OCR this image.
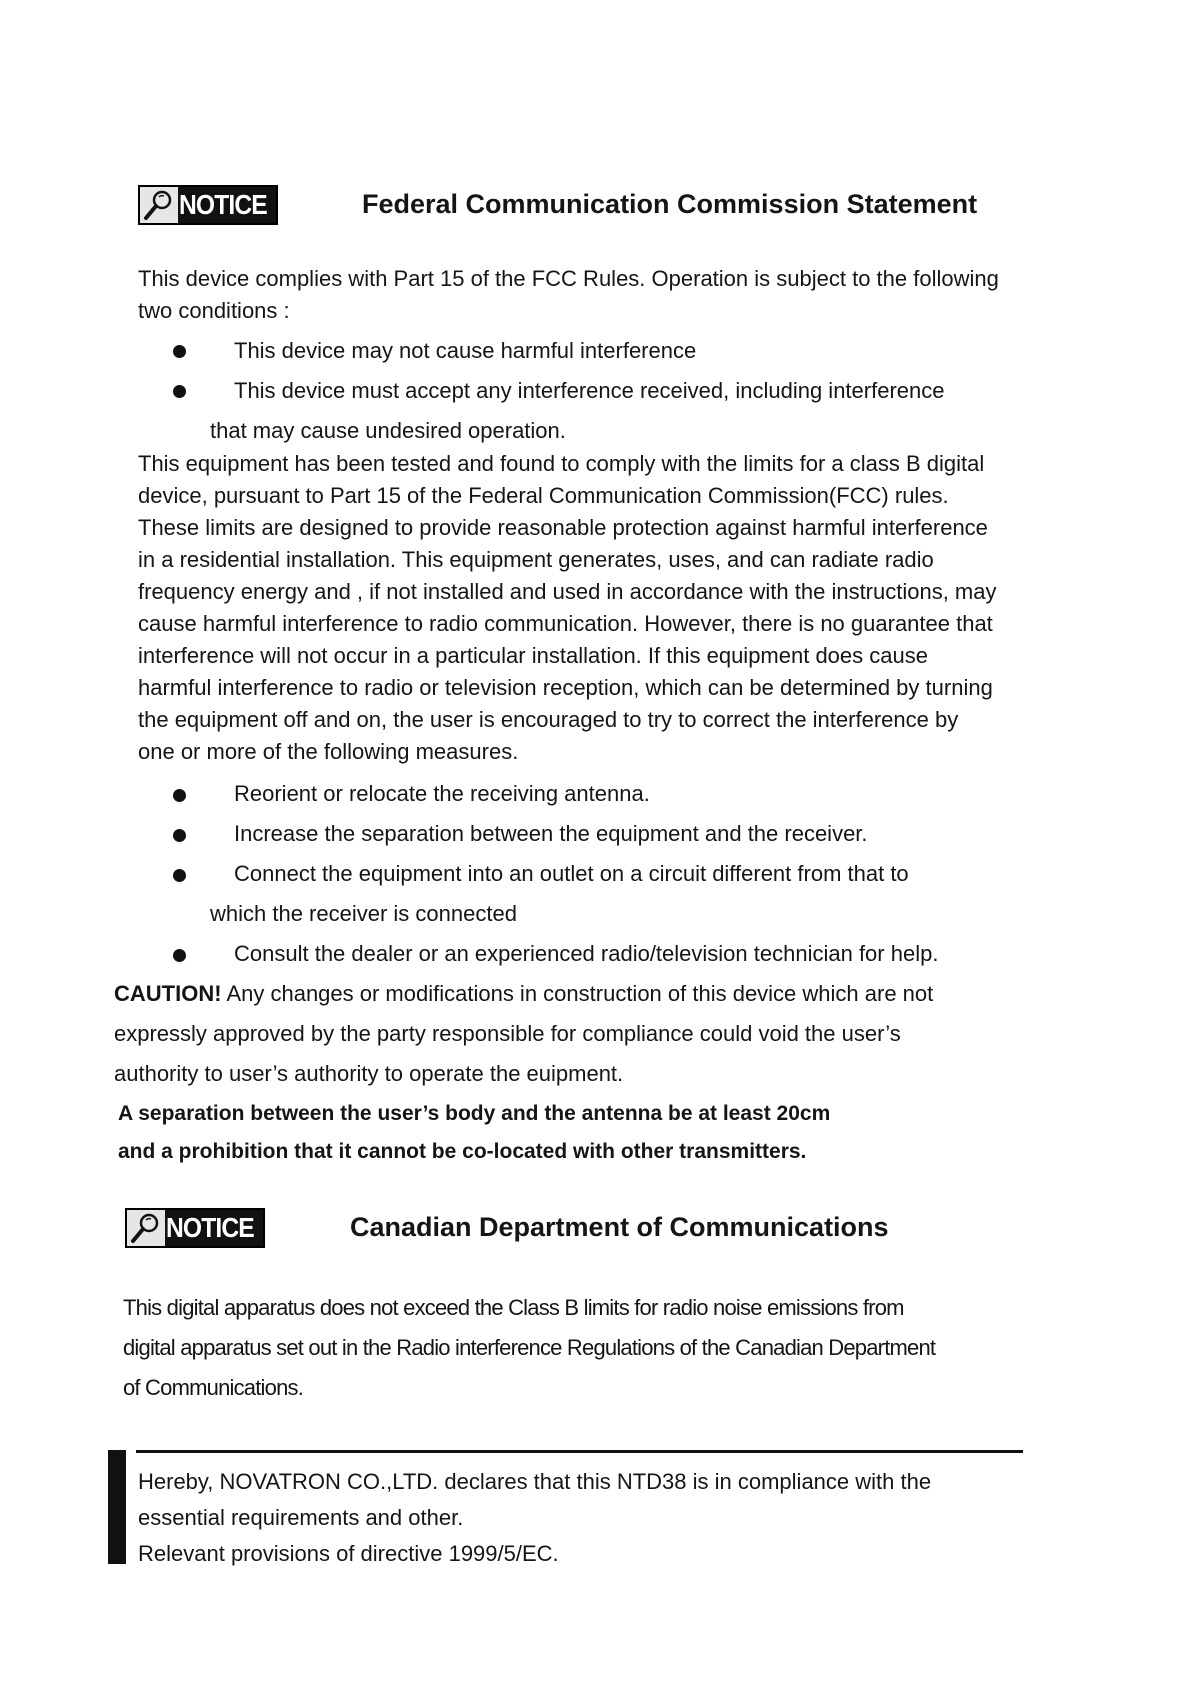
NOTICE	Federal Communication Commission Statement
This device complies with Part 15 of the FCC Rules. Operation is subject to the following
two conditions :
This device may not cause harmful interference
This device must accept any interference received, including interference
that may cause undesired operation.
This equipment has been tested and found to comply with the limits for a class B digital
device, pursuant to Part 15 of the Federal Communication Commission(FCC) rules.
These limits are designed to provide reasonable protection against harmful interference
in a residential installation. This equipment generates, uses, and can radiate radio
frequency energy and , if not installed and used in accordance with the instructions, may
cause harmful interference to radio communication. However, there is no guarantee that
interference will not occur in a particular installation. If this equipment does cause
harmful interference to radio or television reception, which can be determined by turning
the equipment off and on, the user is encouraged to try to correct the interference by
one or more of the following measures.
Reorient or relocate the receiving antenna.
Increase the separation between the equipment and the receiver.
Connect the equipment into an outlet on a circuit different from that to
which the receiver is connected
Consult the dealer or an experienced radio/television technician for help.
CAUTION! Any changes or modifications in construction of this device which are not
expressly approved by the party responsible for compliance could void the user’s
authority to user’s authority to operate the euipment.
A separation between the user’s body and the antenna be at least 20cm
and a prohibition that it cannot be co-located with other transmitters.
NOTICE	Canadian Department of Communications
This digital apparatus does not exceed the Class B limits for radio noise emissions from
digital apparatus set out in the Radio interference Regulations of the Canadian Department
of Communications.
Hereby, NOVATRON CO.,LTD. declares that this NTD38 is in compliance with the
essential requirements and other.
Relevant provisions of directive 1999/5/EC.
